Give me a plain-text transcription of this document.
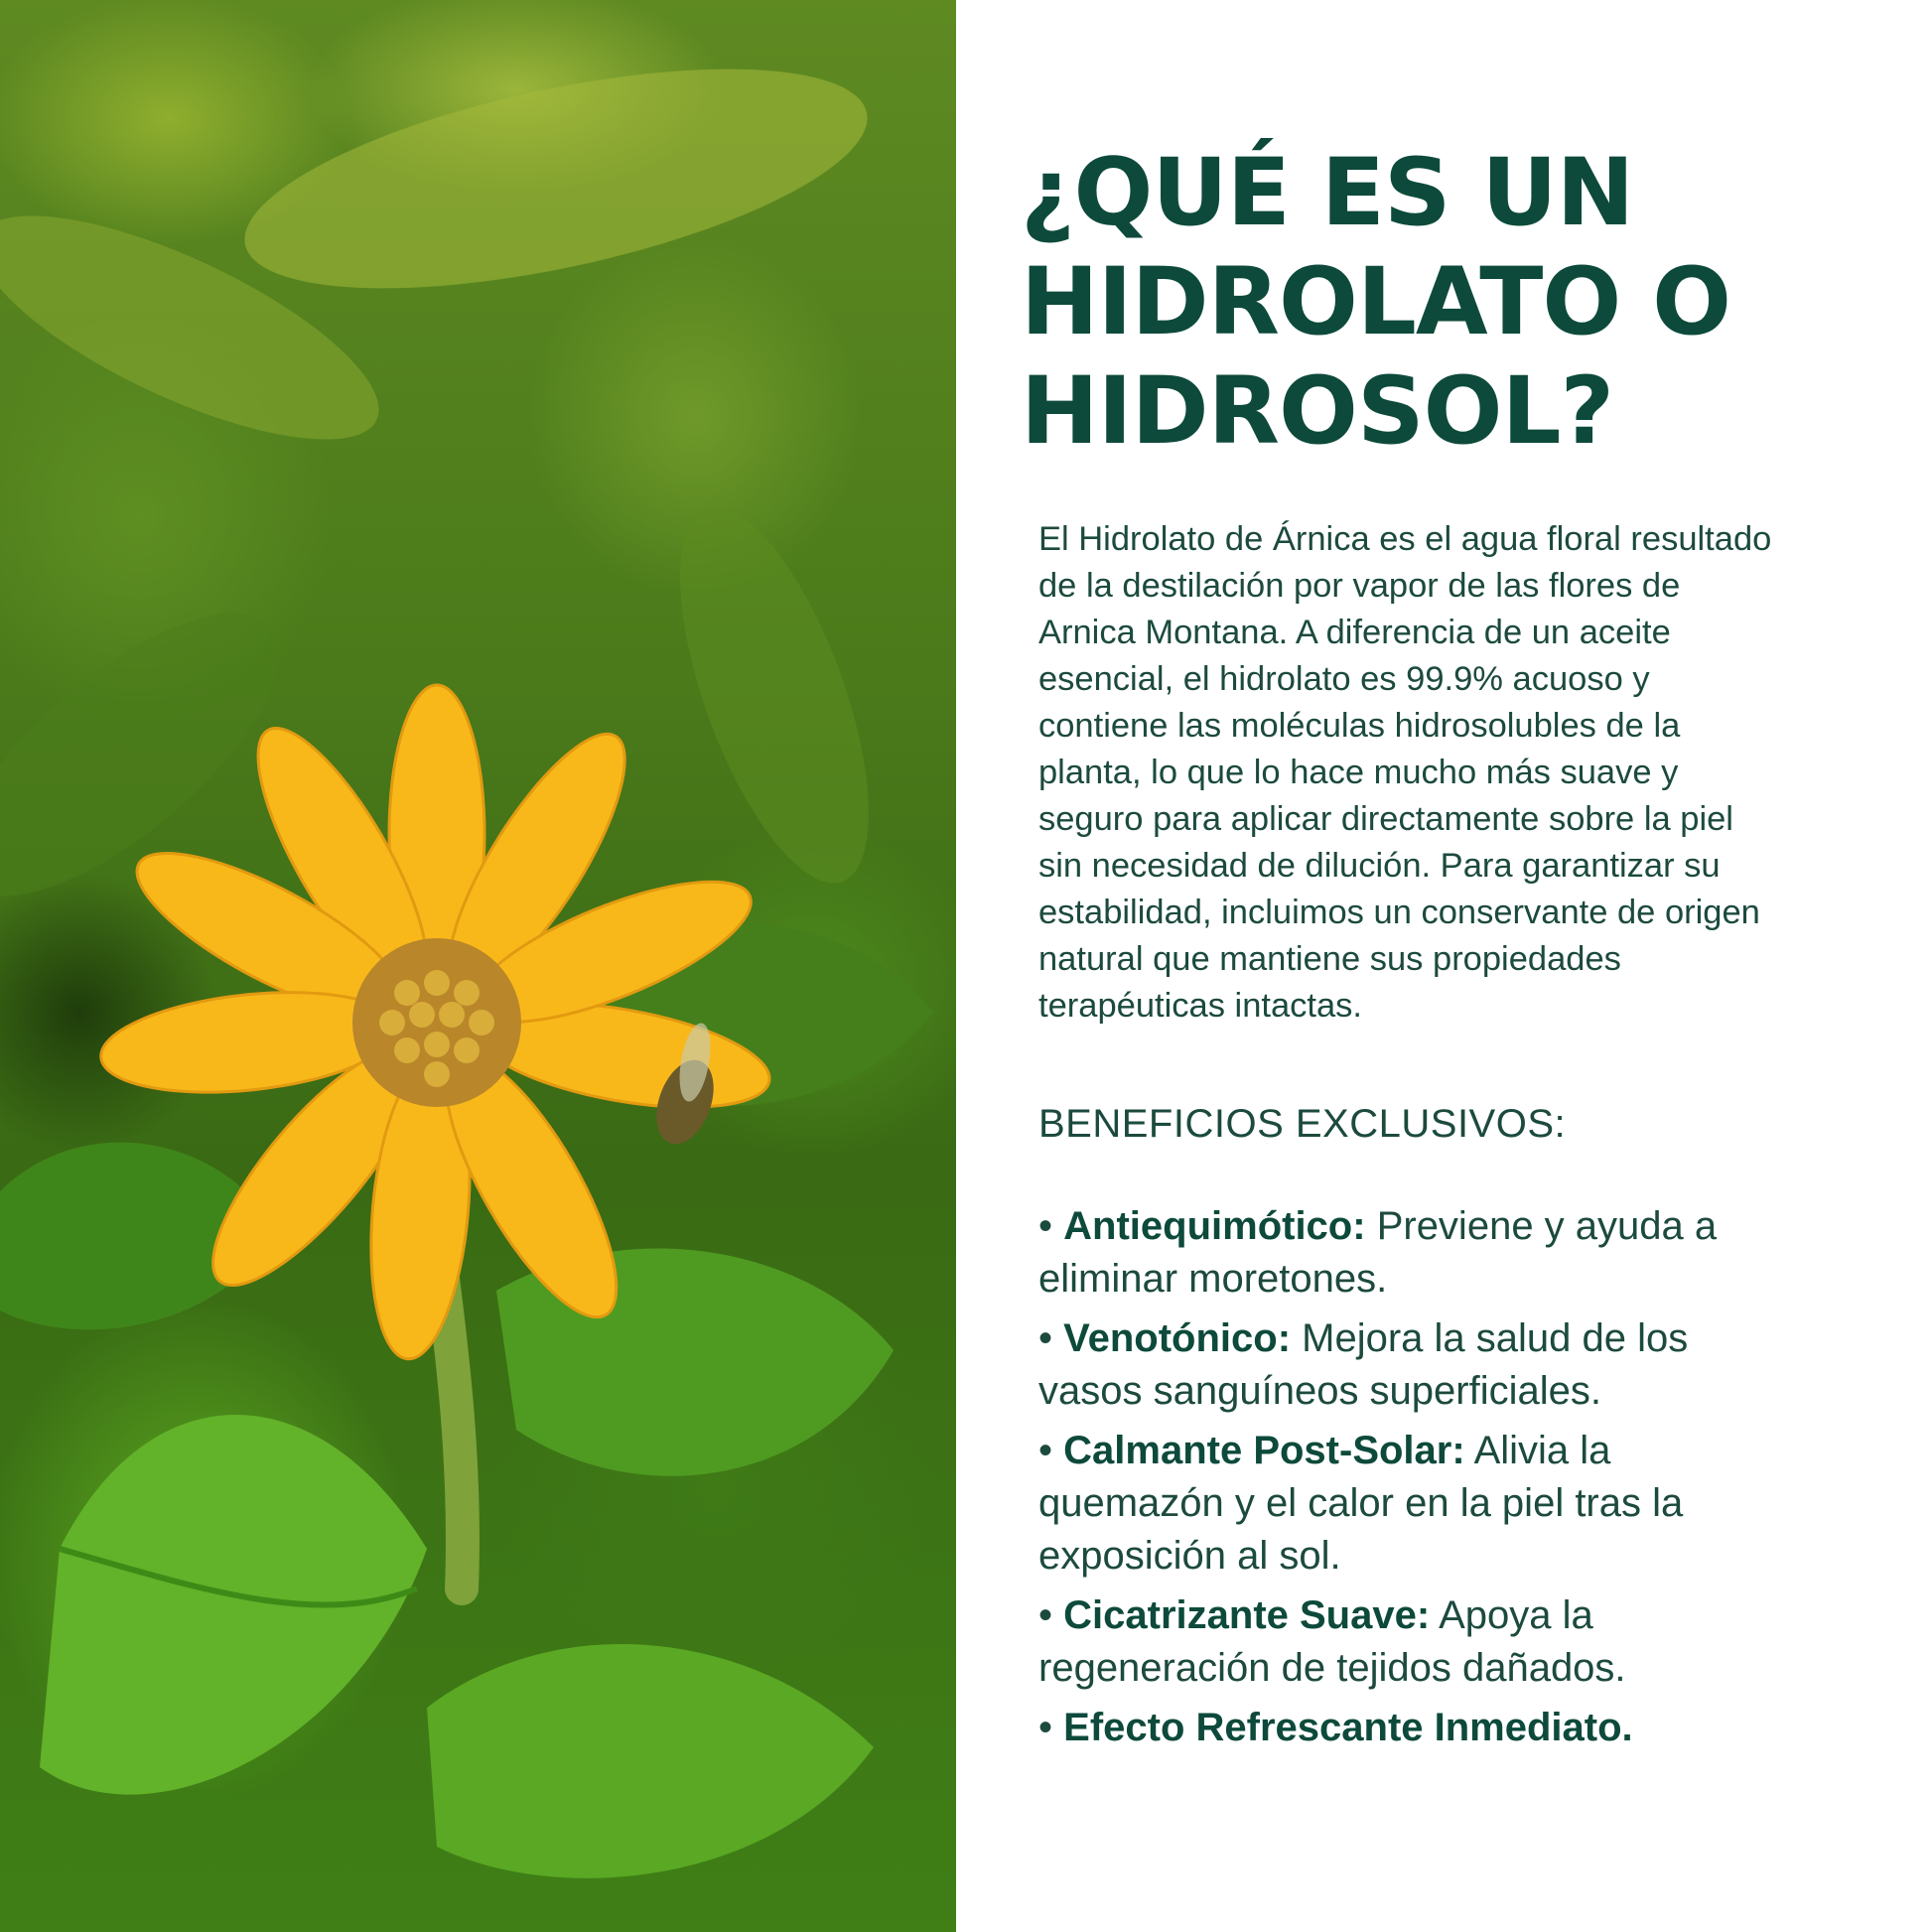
¿QUÉ ES UN
HIDROLATO O
HIDROSOL?

El Hidrolato de Árnica es el agua floral resultado de la destilación por vapor de las flores de Arnica Montana. A diferencia de un aceite esencial, el hidrolato es 99.9% acuoso y contiene las moléculas hidrosolubles de la planta, lo que lo hace mucho más suave y seguro para aplicar directamente sobre la piel sin necesidad de dilución. Para garantizar su estabilidad, incluimos un conservante de origen natural que mantiene sus propiedades terapéuticas intactas.

BENEFICIOS EXCLUSIVOS:
• Antiequimótico: Previene y ayuda a eliminar moretones.
• Venotónico: Mejora la salud de los vasos sanguíneos superficiales.
• Calmante Post-Solar: Alivia la quemazón y el calor en la piel tras la exposición al sol.
• Cicatrizante Suave: Apoya la regeneración de tejidos dañados.
• Efecto Refrescante Inmediato.
